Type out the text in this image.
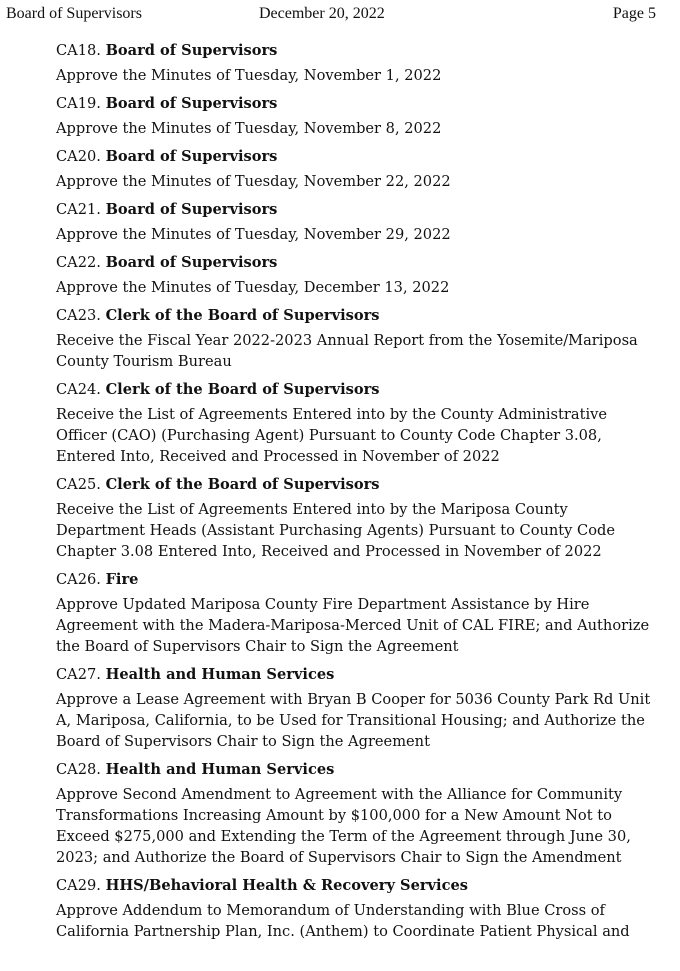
Board of Supervisors	December 20, 2022	Page 5
CA18. Board of Supervisors

Approve the Minutes of Tuesday, November 1, 2022

CA19. Board of Supervisors

Approve the Minutes of Tuesday, November 8, 2022

CA20. Board of Supervisors

Approve the Minutes of Tuesday, November 22, 2022

CA21. Board of Supervisors

Approve the Minutes of Tuesday, November 29, 2022

CA22. Board of Supervisors

Approve the Minutes of Tuesday, December 13, 2022

CA23. Clerk of the Board of Supervisors

Receive the Fiscal Year 2022-2023 Annual Report from the Yosemite/Mariposa County Tourism Bureau

CA24. Clerk of the Board of Supervisors

Receive the List of Agreements Entered into by the County Administrative Officer (CAO) (Purchasing Agent) Pursuant to County Code Chapter 3.08, Entered Into, Received and Processed in November of 2022

CA25. Clerk of the Board of Supervisors

Receive the List of Agreements Entered into by the Mariposa County Department Heads (Assistant Purchasing Agents) Pursuant to County Code Chapter 3.08 Entered Into, Received and Processed in November of 2022

CA26. Fire

Approve Updated Mariposa County Fire Department Assistance by Hire Agreement with the Madera-Mariposa-Merced Unit of CAL FIRE; and Authorize the Board of Supervisors Chair to Sign the Agreement

CA27. Health and Human Services

Approve a Lease Agreement with Bryan B Cooper for 5036 County Park Rd Unit A, Mariposa, California, to be Used for Transitional Housing; and Authorize the Board of Supervisors Chair to Sign the Agreement

CA28. Health and Human Services

Approve Second Amendment to Agreement with the Alliance for Community Transformations Increasing Amount by $100,000 for a New Amount Not to Exceed $275,000 and Extending the Term of the Agreement through June 30, 2023; and Authorize the Board of Supervisors Chair to Sign the Amendment

CA29. HHS/Behavioral Health & Recovery Services

Approve Addendum to Memorandum of Understanding with Blue Cross of California Partnership Plan, Inc. (Anthem) to Coordinate Patient Physical and
